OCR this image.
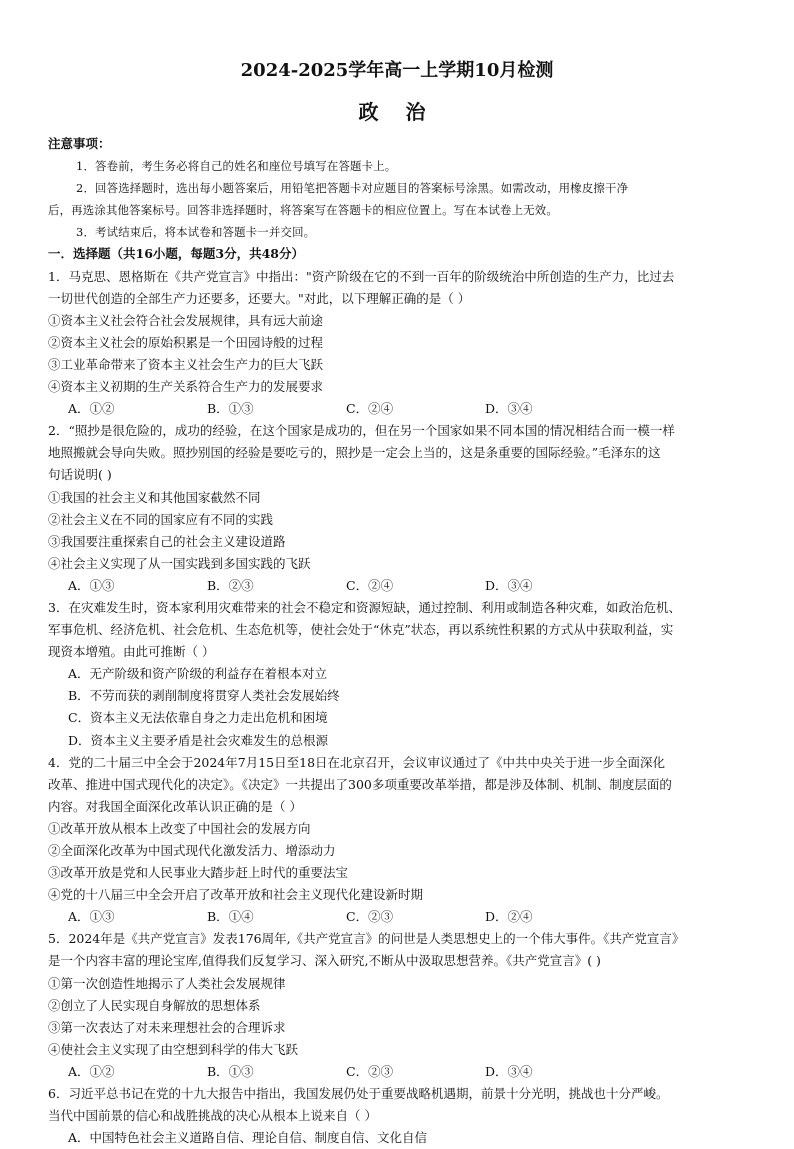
2024-2025学年高一上学期10月检测
政 治
注意事项：
1．答卷前，考生务必将自己的姓名和座位号填写在答题卡上。
2．回答选择题时，选出每小题答案后，用铅笔把答题卡对应题目的答案标号涂黑。如需改动，用橡皮擦干净
后，再选涂其他答案标号。回答非选择题时，将答案写在答题卡的相应位置上。写在本试卷上无效。
3．考试结束后，将本试卷和答题卡一并交回。
一．选择题（共16小题，每题3分，共48分）
1．马克思、恩格斯在《共产党宣言》中指出："资产阶级在它的不到一百年的阶级统治中所创造的生产力，比过去
一切世代创造的全部生产力还要多，还要大。"对此，以下理解正确的是（ ）
①资本主义社会符合社会发展规律，具有远大前途
②资本主义社会的原始积累是一个田园诗般的过程
③工业革命带来了资本主义社会生产力的巨大飞跃
④资本主义初期的生产关系符合生产力的发展要求
A．①②	B．①③	C．②④	D．③④
2．“照抄是很危险的，成功的经验，在这个国家是成功的，但在另一个国家如果不同本国的情况相结合而一模一样
地照搬就会导向失败。照抄别国的经验是要吃亏的，照抄是一定会上当的，这是条重要的国际经验。”毛泽东的这
句话说明( )
①我国的社会主义和其他国家截然不同
②社会主义在不同的国家应有不同的实践
③我国要注重探索自己的社会主义建设道路
④社会主义实现了从一国实践到多国实践的飞跃
A．①③	B．②③	C．②④	D．③④
3．在灾难发生时，资本家利用灾难带来的社会不稳定和资源短缺，通过控制、利用或制造各种灾难，如政治危机、
军事危机、经济危机、社会危机、生态危机等，使社会处于“休克”状态，再以系统性积累的方式从中获取利益，实
现资本增殖。由此可推断（ ）
A．无产阶级和资产阶级的利益存在着根本对立
B．不劳而获的剥削制度将贯穿人类社会发展始终
C．资本主义无法依靠自身之力走出危机和困境
D．资本主义主要矛盾是社会灾难发生的总根源
4．党的二十届三中全会于2024年7月15日至18日在北京召开，会议审议通过了《中共中央关于进一步全面深化
改革、推进中国式现代化的决定》。《决定》一共提出了300多项重要改革举措，都是涉及体制、机制、制度层面的
内容。对我国全面深化改革认识正确的是（ ）
①改革开放从根本上改变了中国社会的发展方向
②全面深化改革为中国式现代化激发活力、增添动力
③改革开放是党和人民事业大踏步赶上时代的重要法宝
④党的十八届三中全会开启了改革开放和社会主义现代化建设新时期
A．①③	B．①④	C．②③	D．②④
5．2024年是《共产党宣言》发表176周年,《共产党宣言》的问世是人类思想史上的一个伟大事件。《共产党宣言》
是一个内容丰富的理论宝库,值得我们反复学习、深入研究,不断从中汲取思想营养。《共产党宣言》( )
①第一次创造性地揭示了人类社会发展规律
②创立了人民实现自身解放的思想体系
③第一次表达了对未来理想社会的合理诉求
④使社会主义实现了由空想到科学的伟大飞跃
A．①②	B．①③	C．②③	D．③④
6．习近平总书记在党的十九大报告中指出，我国发展仍处于重要战略机遇期，前景十分光明，挑战也十分严峻。
当代中国前景的信心和战胜挑战的决心从根本上说来自（ ）
A．中国特色社会主义道路自信、理论自信、制度自信、文化自信
